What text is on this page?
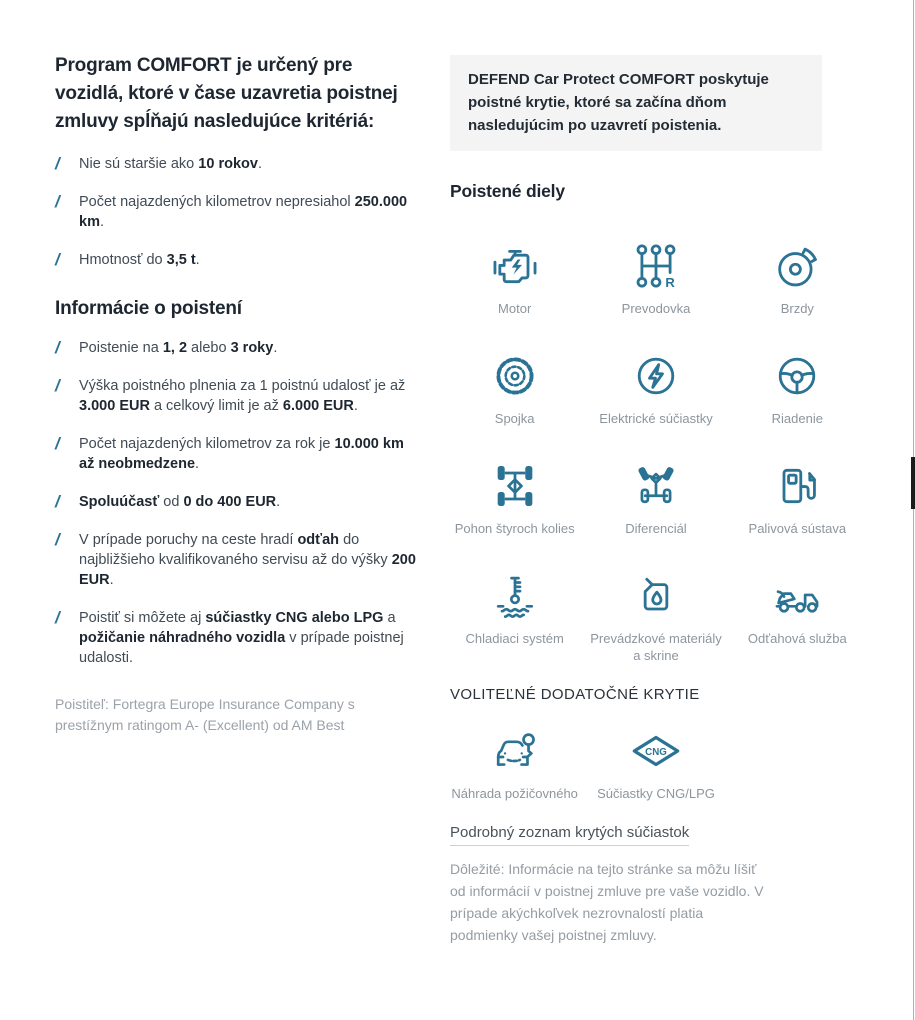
Program COMFORT je určený pre vozidlá, ktoré v čase uzavretia poistnej zmluvy spĺňajú nasledujúce kritériá:
/	Nie sú staršie ako 10 rokov.

/	Počet najazdených kilometrov nepresiahol 250.000 km.

/	Hmotnosť do 3,5 t.

Informácie o poistení
/	Poistenie na 1, 2 alebo 3 roky.

/	Výška poistného plnenia za 1 poistnú udalosť je až 3.000 EUR a celkový limit je až 6.000 EUR.

/	Počet najazdených kilometrov za rok je 10.000 km až neobmedzene.

/	Spoluúčasť od 0 do 400 EUR.

/	V prípade poruchy na ceste hradí odťah do najbližšieho kvalifikovaného servisu až do výšky 200 EUR.

/	Poistiť si môžete aj súčiastky CNG alebo LPG a požičanie náhradného vozidla v prípade poistnej udalosti.

Poistiteľ: Fortegra Europe Insurance Company s prestížnym ratingom A- (Excellent) od AM Best

DEFEND Car Protect COMFORT poskytuje poistné krytie, ktoré sa začína dňom nasledujúcim po uzavretí poistenia.
Poistené diely
Motor
R
Prevodovka	Brzdy
Spojka	Elektrické súčiastky	Riadenie
Pohon štyroch kolies	Diferenciál	Palivová sústava
Chladiaci systém	Prevádzkové materiály a skrine
Odťahová služba
VOLITEĽNÉ DODATOČNÉ KRYTIE
Náhrada požičovného
CNG
Súčiastky CNG/LPG
Podrobný zoznam krytých súčiastok

Dôležité: Informácie na tejto stránke sa môžu líšiť od informácií v poistnej zmluve pre vaše vozidlo. V prípade akýchkoľvek nezrovnalostí platia podmienky vašej poistnej zmluvy.
